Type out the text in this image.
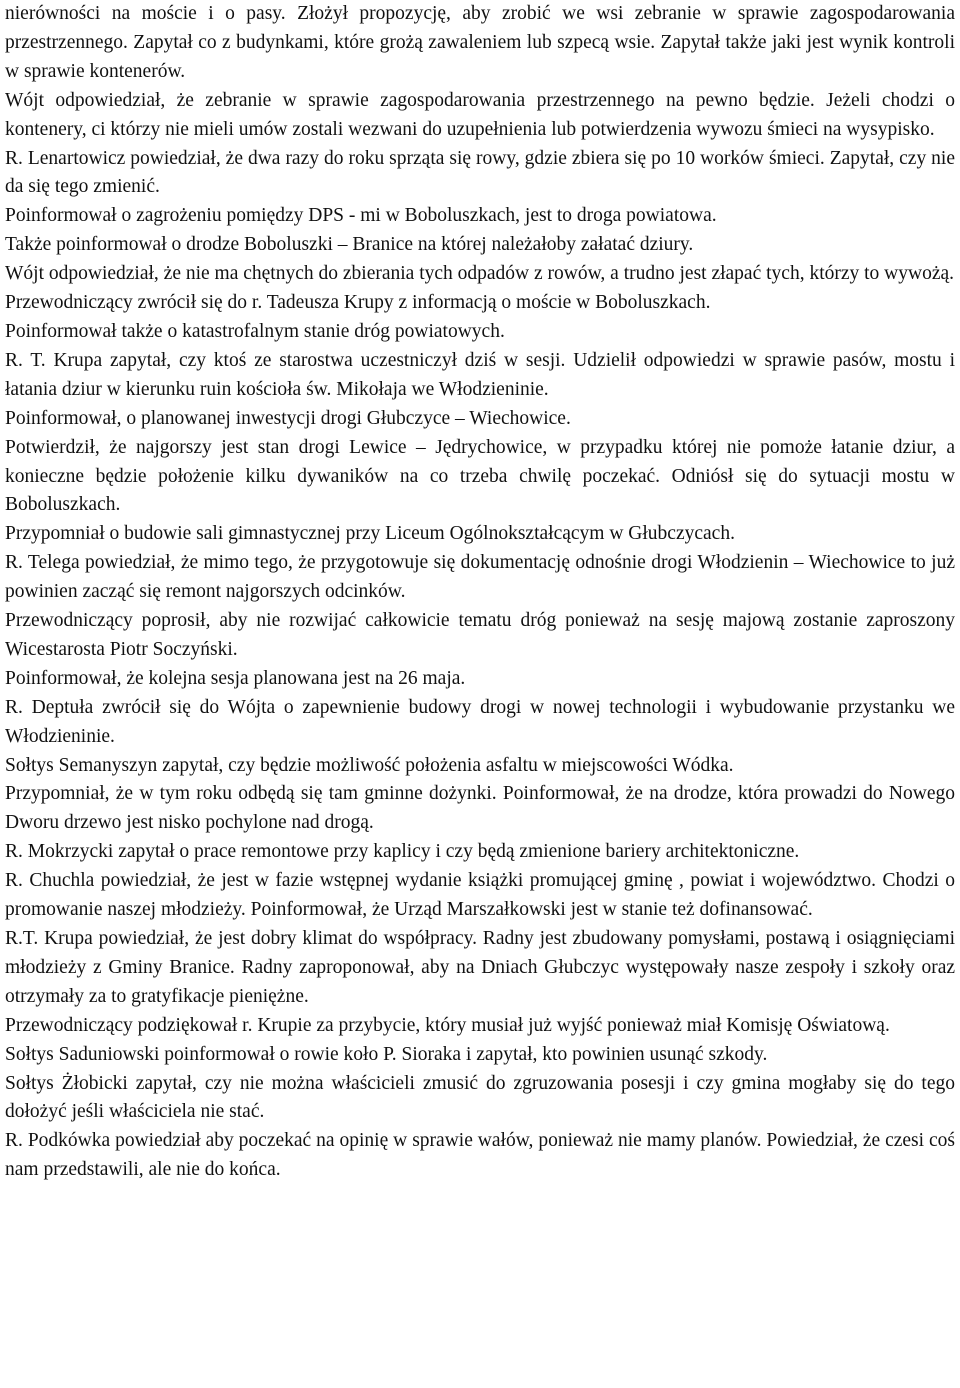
nierówności na moście i o pasy. Złożył propozycję, aby zrobić we wsi zebranie w sprawie zagospodarowania przestrzennego. Zapytał co z budynkami, które grożą zawaleniem lub szpecą wsie. Zapytał także jaki jest wynik kontroli w sprawie kontenerów.

Wójt odpowiedział, że zebranie w sprawie zagospodarowania przestrzennego na pewno będzie. Jeżeli chodzi o kontenery, ci którzy nie mieli umów zostali wezwani do uzupełnienia lub potwierdzenia wywozu śmieci na wysypisko.

R. Lenartowicz powiedział, że dwa razy do roku sprząta się rowy, gdzie zbiera się po 10 worków śmieci. Zapytał, czy nie da się tego zmienić.

Poinformował o zagrożeniu pomiędzy DPS - mi w Boboluszkach, jest to droga powiatowa.

Także poinformował o drodze Boboluszki – Branice na której należałoby załatać dziury.

Wójt odpowiedział, że nie ma chętnych do zbierania tych odpadów z rowów, a trudno jest złapać tych, którzy to wywożą.

Przewodniczący zwrócił się do r. Tadeusza Krupy z informacją o moście w Boboluszkach.

Poinformował także o katastrofalnym stanie dróg powiatowych.

R. T. Krupa zapytał, czy ktoś ze starostwa uczestniczył dziś w sesji. Udzielił odpowiedzi w sprawie pasów, mostu i łatania dziur w kierunku ruin kościoła św. Mikołaja we Włodzieninie.

Poinformował, o planowanej inwestycji drogi Głubczyce – Wiechowice.

Potwierdził, że najgorszy jest stan drogi Lewice – Jędrychowice, w przypadku której nie pomoże łatanie dziur, a konieczne będzie położenie kilku dywaników na co trzeba chwilę poczekać. Odniósł się do sytuacji mostu w Boboluszkach.

Przypomniał o budowie sali gimnastycznej przy Liceum Ogólnokształcącym w Głubczycach.

R. Telega powiedział, że mimo tego, że przygotowuje się dokumentację odnośnie drogi Włodzienin – Wiechowice to już powinien zacząć się remont najgorszych odcinków.

Przewodniczący poprosił, aby nie rozwijać całkowicie tematu dróg ponieważ na sesję majową zostanie zaproszony Wicestarosta Piotr Soczyński.

Poinformował, że kolejna sesja planowana jest na 26 maja.

R. Deptuła zwrócił się do Wójta o zapewnienie budowy drogi w nowej technologii i wybudowanie przystanku we Włodzieninie.

Sołtys Semanyszyn zapytał, czy będzie możliwość położenia asfaltu w miejscowości Wódka.

Przypomniał, że w tym roku odbędą się tam gminne dożynki. Poinformował, że na drodze, która prowadzi do Nowego Dworu drzewo jest nisko pochylone nad drogą.

R. Mokrzycki zapytał o prace remontowe przy kaplicy i czy będą zmienione bariery architektoniczne.

R. Chuchla powiedział, że jest w fazie wstępnej wydanie książki promującej gminę , powiat i województwo. Chodzi o promowanie naszej młodzieży. Poinformował, że Urząd Marszałkowski jest w stanie też dofinansować.

R.T. Krupa powiedział, że jest dobry klimat do współpracy. Radny jest zbudowany pomysłami, postawą i osiągnięciami młodzieży z Gminy Branice. Radny zaproponował, aby na Dniach Głubczyc występowały nasze zespoły i szkoły oraz otrzymały za to gratyfikacje pieniężne.

Przewodniczący podziękował r. Krupie za przybycie, który musiał już wyjść ponieważ miał Komisję Oświatową.

Sołtys Saduniowski poinformował o rowie koło P. Sioraka i zapytał, kto powinien usunąć szkody.

Sołtys Żłobicki zapytał, czy nie można właścicieli zmusić do zgruzowania posesji i czy gmina mogłaby się do tego dołożyć jeśli właściciela nie stać.

R. Podkówka powiedział aby poczekać na opinię w sprawie wałów, ponieważ nie mamy planów. Powiedział, że czesi coś nam przedstawili, ale nie do końca.
